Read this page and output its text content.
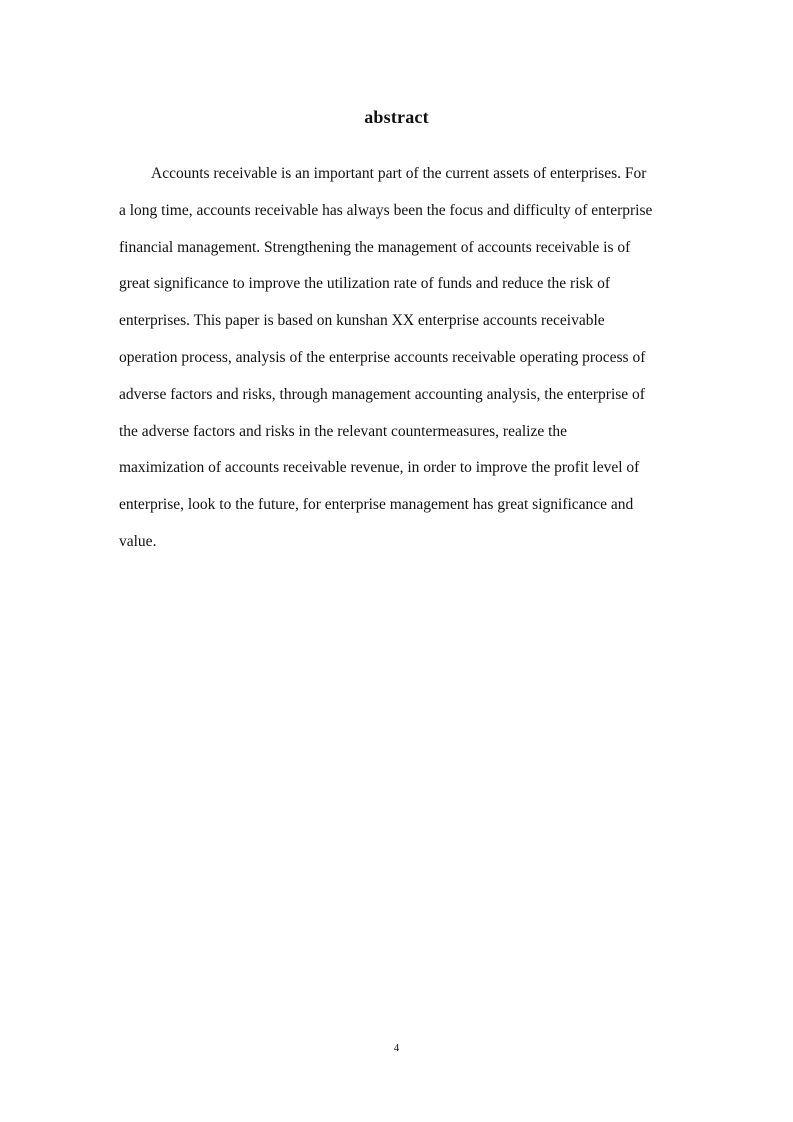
abstract
Accounts receivable is an important part of the current assets of enterprises. For
a long time, accounts receivable has always been the focus and difficulty of enterprise
financial management. Strengthening the management of accounts receivable is of
great significance to improve the utilization rate of funds and reduce the risk of
enterprises. This paper is based on kunshan XX enterprise accounts receivable
operation process, analysis of the enterprise accounts receivable operating process of
adverse factors and risks, through management accounting analysis, the enterprise of
the adverse factors and risks in the relevant countermeasures, realize the
maximization of accounts receivable revenue, in order to improve the profit level of
enterprise, look to the future, for enterprise management has great significance and
value.
4
